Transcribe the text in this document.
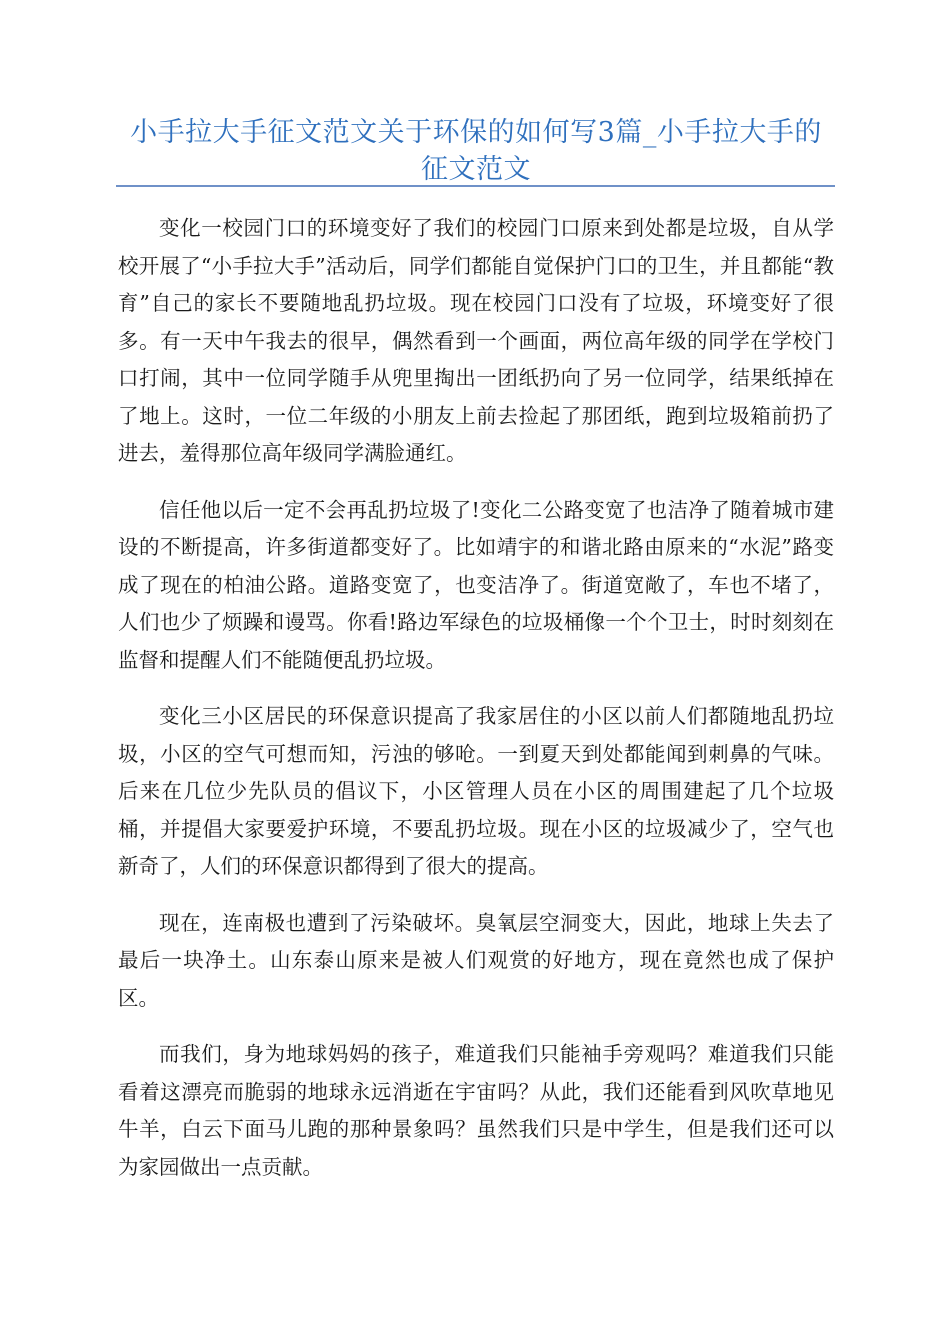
小手拉大手征文范文关于环保的如何写3篇_小手拉大手的征文范文

变化一校园门口的环境变好了我们的校园门口原来到处都是垃圾，自从学校开展了“小手拉大手”活动后，同学们都能自觉保护门口的卫生，并且都能“教育”自己的家长不要随地乱扔垃圾。现在校园门口没有了垃圾，环境变好了很多。有一天中午我去的很早，偶然看到一个画面，两位高年级的同学在学校门口打闹，其中一位同学随手从兜里掏出一团纸扔向了另一位同学，结果纸掉在了地上。这时，一位二年级的小朋友上前去捡起了那团纸，跑到垃圾箱前扔了进去，羞得那位高年级同学满脸通红。

信任他以后一定不会再乱扔垃圾了!变化二公路变宽了也洁净了随着城市建设的不断提高，许多街道都变好了。比如靖宇的和谐北路由原来的“水泥”路变成了现在的柏油公路。道路变宽了，也变洁净了。街道宽敞了，车也不堵了，人们也少了烦躁和谩骂。你看!路边军绿色的垃圾桶像一个个卫士，时时刻刻在监督和提醒人们不能随便乱扔垃圾。

变化三小区居民的环保意识提高了我家居住的小区以前人们都随地乱扔垃圾，小区的空气可想而知，污浊的够呛。一到夏天到处都能闻到刺鼻的气味。后来在几位少先队员的倡议下，小区管理人员在小区的周围建起了几个垃圾桶，并提倡大家要爱护环境，不要乱扔垃圾。现在小区的垃圾减少了，空气也新奇了，人们的环保意识都得到了很大的提高。

现在，连南极也遭到了污染破坏。臭氧层空洞变大，因此，地球上失去了最后一块净土。山东泰山原来是被人们观赏的好地方，现在竟然也成了保护区。

而我们，身为地球妈妈的孩子，难道我们只能袖手旁观吗？难道我们只能看着这漂亮而脆弱的地球永远消逝在宇宙吗？从此，我们还能看到风吹草地见牛羊，白云下面马儿跑的那种景象吗？虽然我们只是中学生，但是我们还可以为家园做出一点贡献。
